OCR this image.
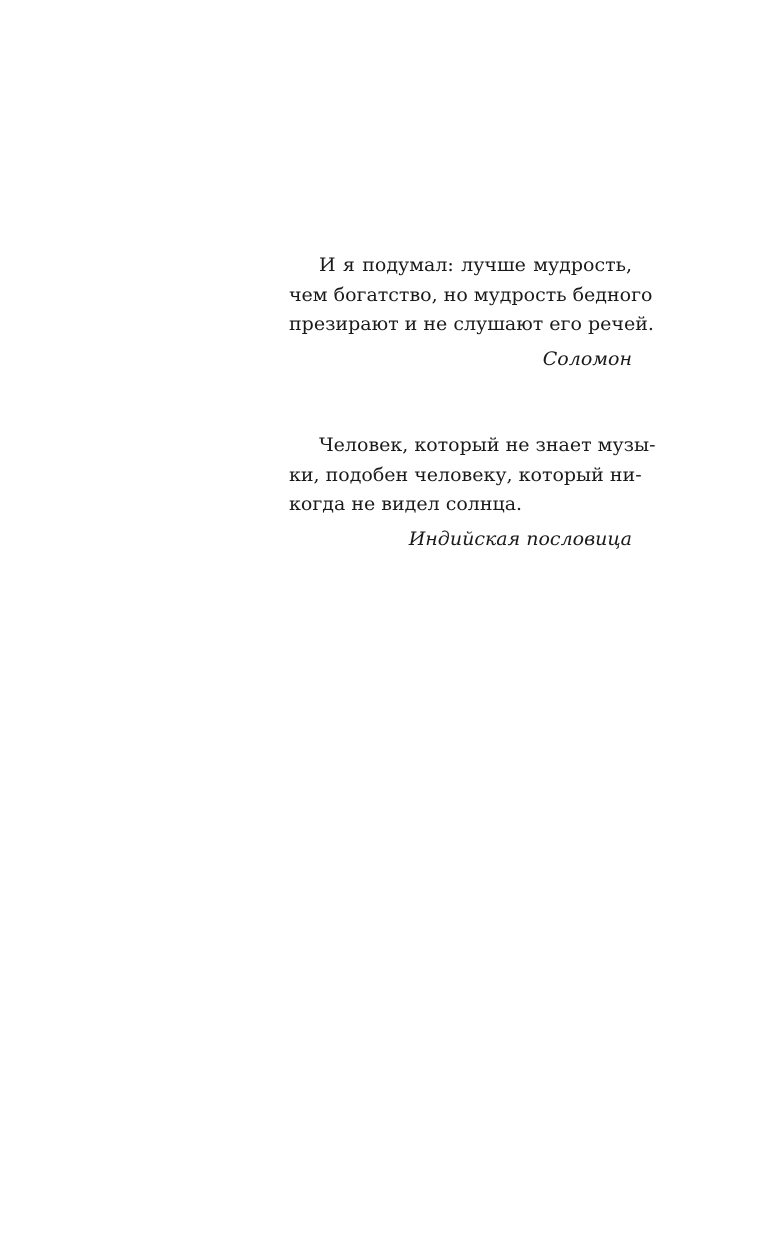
И я подумал: лучше мудрость,
чем богатство, но мудрость бедного
презирают и не слушают его речей.
Соломон
Человек, который не знает музы-
ки, подобен человеку, который ни-
когда не видел солнца.
Индийская пословица
